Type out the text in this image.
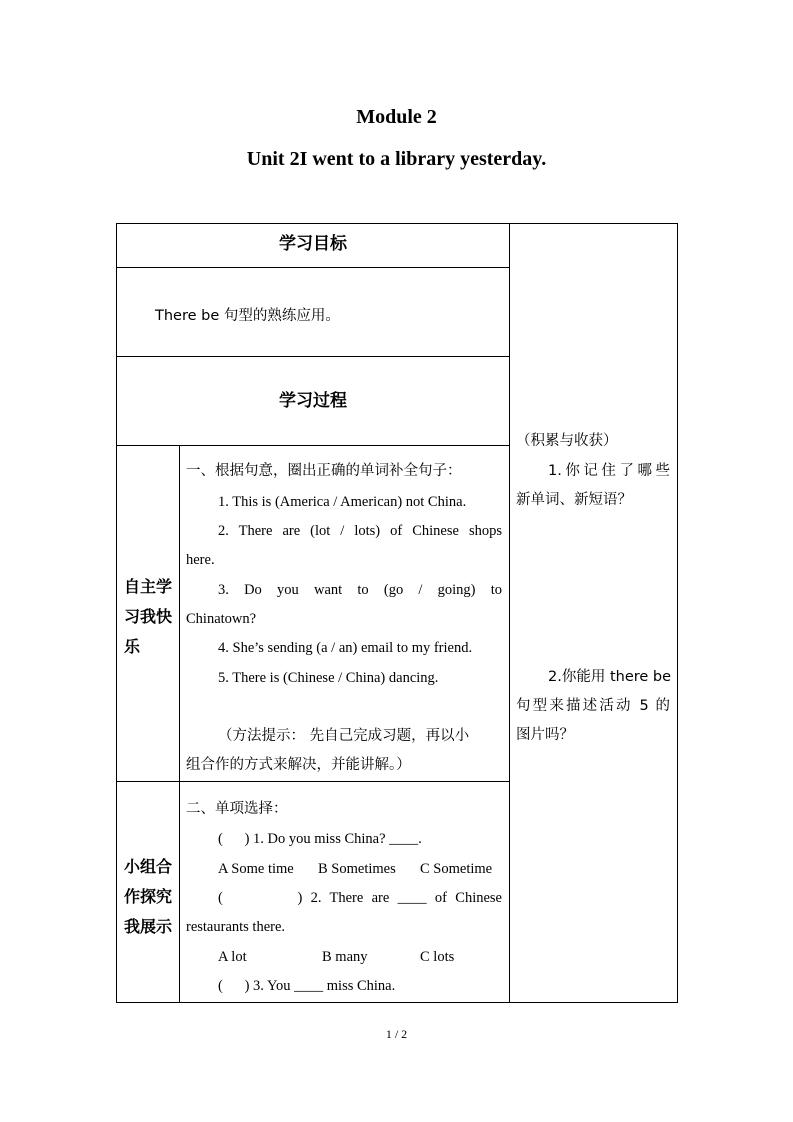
Module 2
Unit 2I went to a library yesterday.
学习目标
There be 句型的熟练应用。
学习过程
自主学
习我快
乐
一、根据句意，圈出正确的单词补全句子：
1. This is (America / American) not China.
2. There are (lot / lots) of Chinese shops
here.
3. Do you want to (go / going) to
Chinatown?
4. She’s sending (a / an) email to my friend.
5. There is (Chinese / China) dancing.
（方法提示： 先自己完成习题，再以小
组合作的方式来解决，并能讲解。）
小组合
作探究
我展示
二、单项选择：
(      ) 1. Do you miss China? ____.
A Some time B Sometimes C Sometime
(         ) 2. There are ____ of Chinese
restaurants there.
A lot	B many	C lots
(      ) 3. You ____ miss China.
（积累与收获）
1.你记住了哪些
新单词、新短语？
2.你能用 there be
句型来描述活动 5 的
图片吗？
1 / 2
